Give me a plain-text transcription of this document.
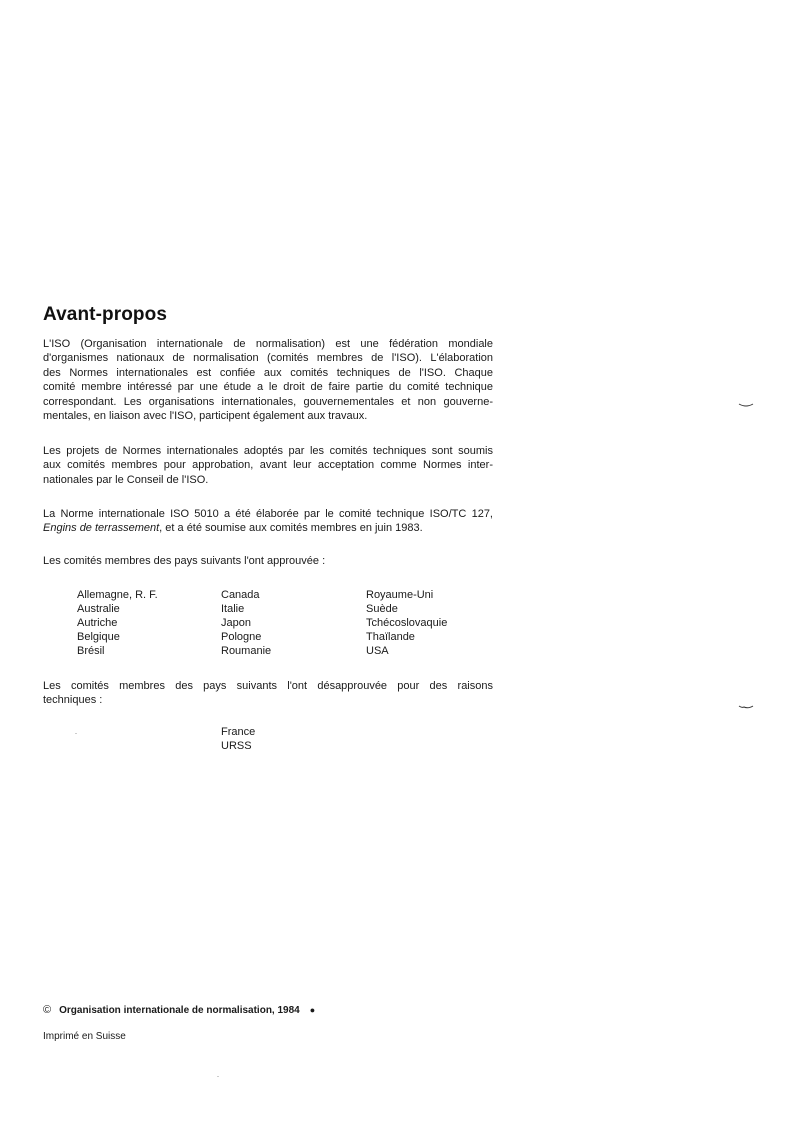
Avant-propos
L'ISO (Organisation internationale de normalisation) est une fédération mondiale
d'organismes nationaux de normalisation (comités membres de l'ISO). L'élaboration
des Normes internationales est confiée aux comités techniques de l'ISO. Chaque
comité membre intéressé par une étude a le droit de faire partie du comité technique
correspondant. Les organisations internationales, gouvernementales et non gouverne-
mentales, en liaison avec l'ISO, participent également aux travaux.
Les projets de Normes internationales adoptés par les comités techniques sont soumis
aux comités membres pour approbation, avant leur acceptation comme Normes inter-
nationales par le Conseil de l'ISO.
La Norme internationale ISO 5010 a été élaborée par le comité technique ISO/TC 127,
Engins de terrassement, et a été soumise aux comités membres en juin 1983.
Les comités membres des pays suivants l'ont approuvée :
Allemagne, R. F.
Australie
Autriche
Belgique
Brésil
Canada
Italie
Japon
Pologne
Roumanie
Royaume-Uni
Suède
Tchécoslovaquie
Thaïlande
USA
Les comités membres des pays suivants l'ont désapprouvée pour des raisons
techniques :
France
URSS
© Organisation internationale de normalisation, 1984 ●
Imprimé en Suisse
